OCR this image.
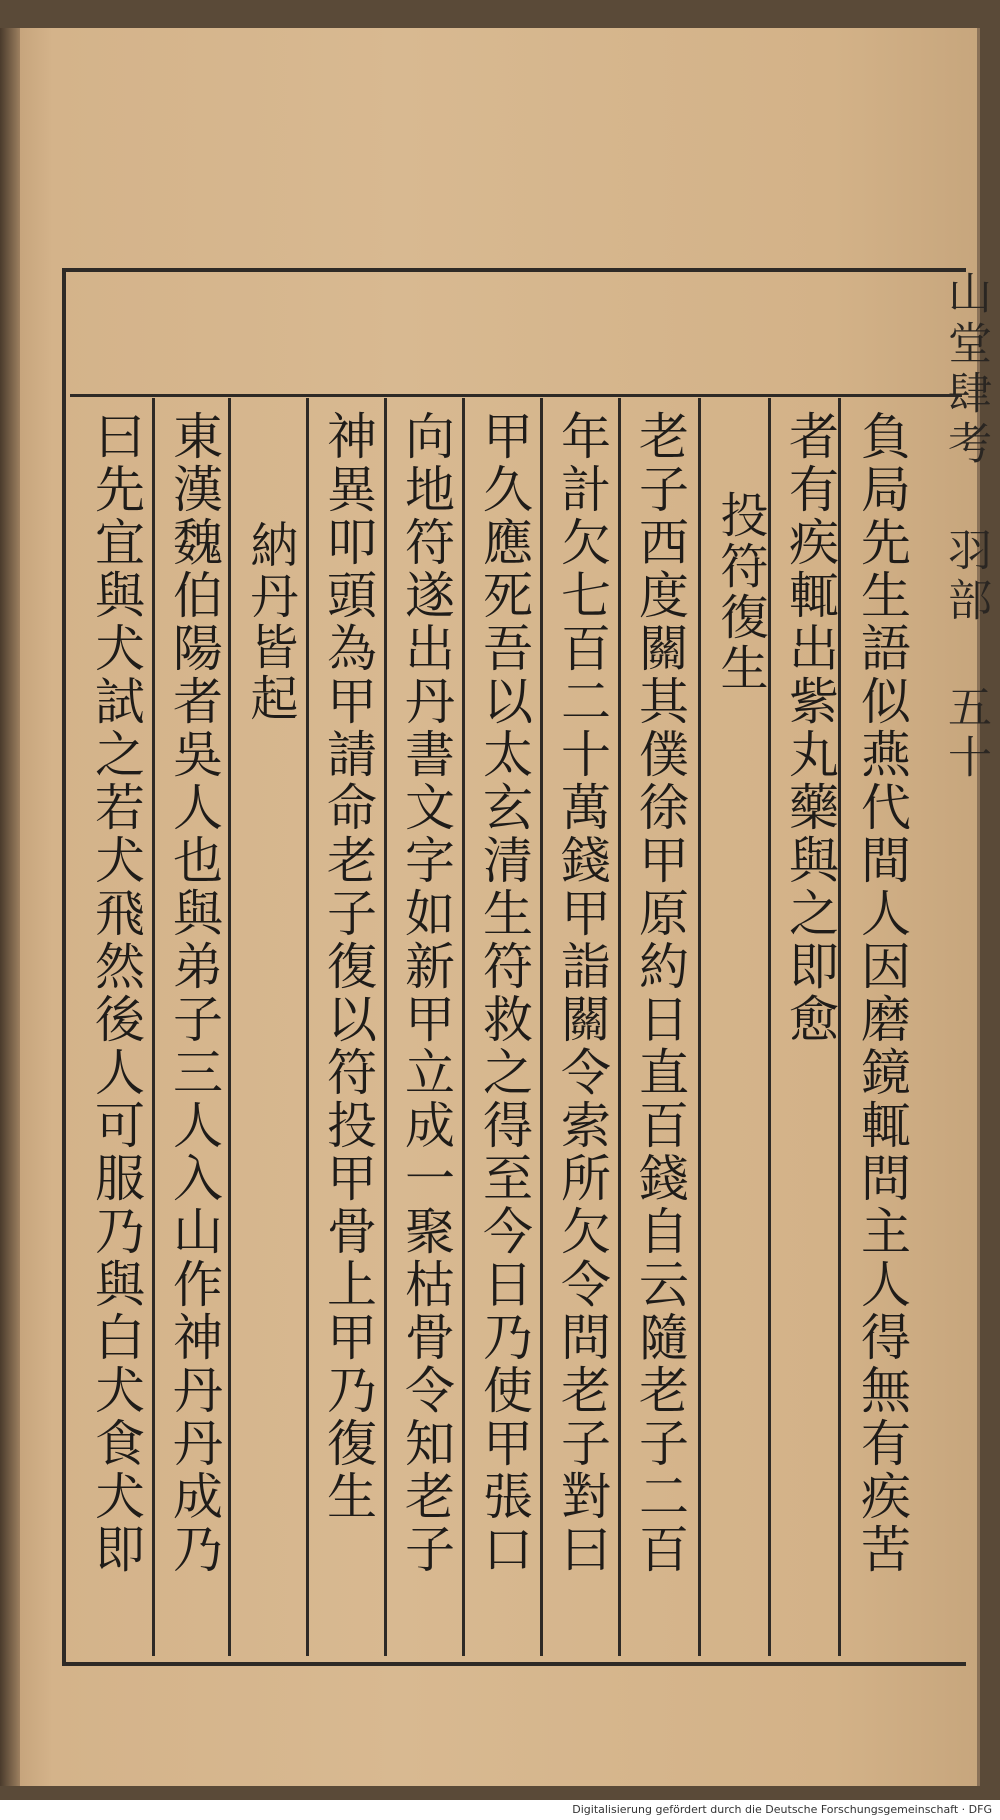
山堂肆考 羽部 五十
負局先生語似燕代間人因磨鏡輒問主人得無有疾苦
者有疾輒出紫丸藥與之即愈
投符復生
老子西度關其僕徐甲原約日直百錢自云隨老子二百
年計欠七百二十萬錢甲詣關令索所欠令問老子對曰
甲久應死吾以太玄清生符救之得至今日乃使甲張口
向地符遂出丹書文字如新甲立成一聚枯骨令知老子
神異叩頭為甲請命老子復以符投甲骨上甲乃復生
納丹皆起
東漢魏伯陽者吳人也與弟子三人入山作神丹丹成乃
曰先宜與犬試之若犬飛然後人可服乃與白犬食犬即
Digitalisierung gefördert durch die Deutsche Forschungsgemeinschaft · DFG
